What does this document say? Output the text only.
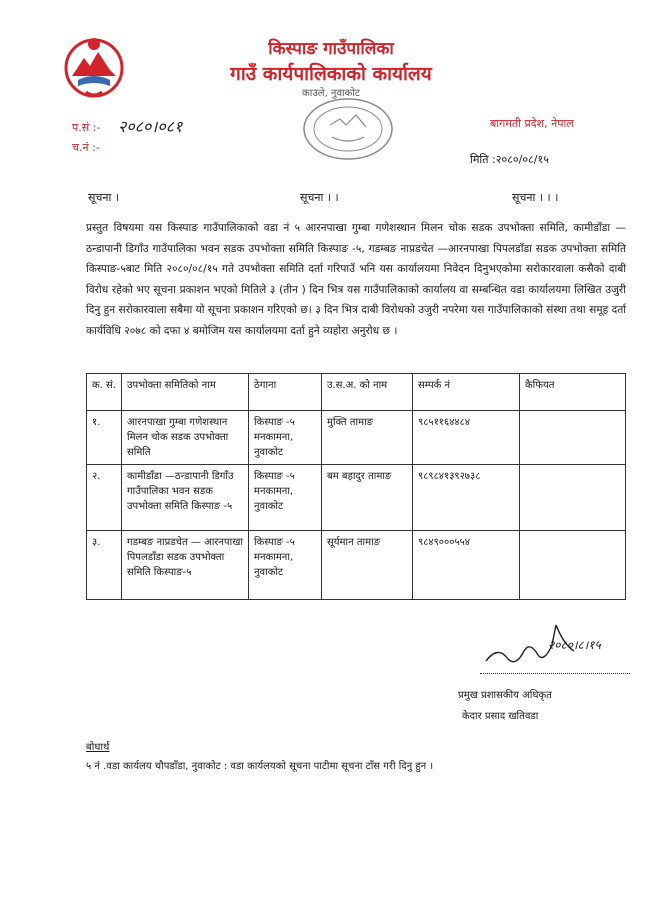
किस्पाङ गाउँपालिका
गाउँ कार्यपालिकाको कार्यालय
काउले, नुवाकोट
प.सं :- २०८०।०८१
च.नं :-
बागमती प्रदेश, नेपाल
मिति :२०८०/०८/१५
सूचना ।	सूचना । ।	सूचना । । ।
प्रस्तुत विषयमा यस किस्पाङ गाउँपालिकाको वडा नं ५ आरनपाखा गुम्बा गणेशस्थान मिलन चोक सडक उपभोक्ता समिति, कामीडाँडा —ठन्डापानी डिगाँउ गाउँपालिका भवन सडक उपभोक्ता समिति किस्पाङ -५, गडम्बङ नाप्रडचेत —आरनपाखा पिपलडाँडा सडक उपभोक्ता समिति किस्पाङ-५बाट मिति २०८०/०८/१५ गते उपभोक्ता समिति दर्ता गरिपाउँ भनि यस कार्यालयमा निवेदन दिनुभएकोमा सरोकारवाला कसैको दाबी विरोध रहेको भए सूचना प्रकाशन भएको मितिले ३ (तीन ) दिन भित्र यस गाउँपालिकाको कार्यालय वा सम्बन्धित वडा कार्यालयमा लिखित उजुरी दिनु हुन सरोकारवाला सबैमा यो सूचना प्रकाशन गरिएको छ। ३ दिन भित्र दाबी विरोधको उजुरी नपरेमा यस गाउँपालिकाको संस्था तथा समूह दर्ता कार्यविधि २०७८ को दफा ४ बमोजिम यस कार्यालयमा दर्ता हुने व्यहोरा अनुरोध छ ।
क. सं.	उपभोक्ता समितिको नाम	ठेगाना	उ.स.अ. को नाम	सम्पर्क नं	कैफियत
१.	आरनपाखा गुम्बा गणेशस्थान मिलन चोक सडक उपभोक्ता समिति	किस्पाङ -५ मनकामना, नुवाकोट	मुक्ति तामाङ	९८५११६४४८४	
२.	कामीडाँडा —ठन्डापानी डिगाँउ गाउँपालिका भवन सडक उपभोक्ता समिति किस्पाङ -५	किस्पाङ -५ मनकामना, नुवाकोट	बम बहादुर तामाङ	९८९८४१३९२७३८	
३.	गडम्बङ नाप्रडचेत — आरनपाखा पिपलडाँडा सडक उपभोक्ता समिति किस्पाङ-५	किस्पाङ -५ मनकामना, नुवाकोट	सूर्यमान तामाङ	९८४९०००५५४	
२०८०।८।१५
प्रमुख प्रशासकीय अधिकृत
केदार प्रसाद खतिवडा
बोधार्थ
५ नं .वडा कार्यलय चौपडाँडा, नुवाकोट : वडा कार्यलयको सूचना पाटीमा सूचना टाँस गरी दिनु हुन ।
